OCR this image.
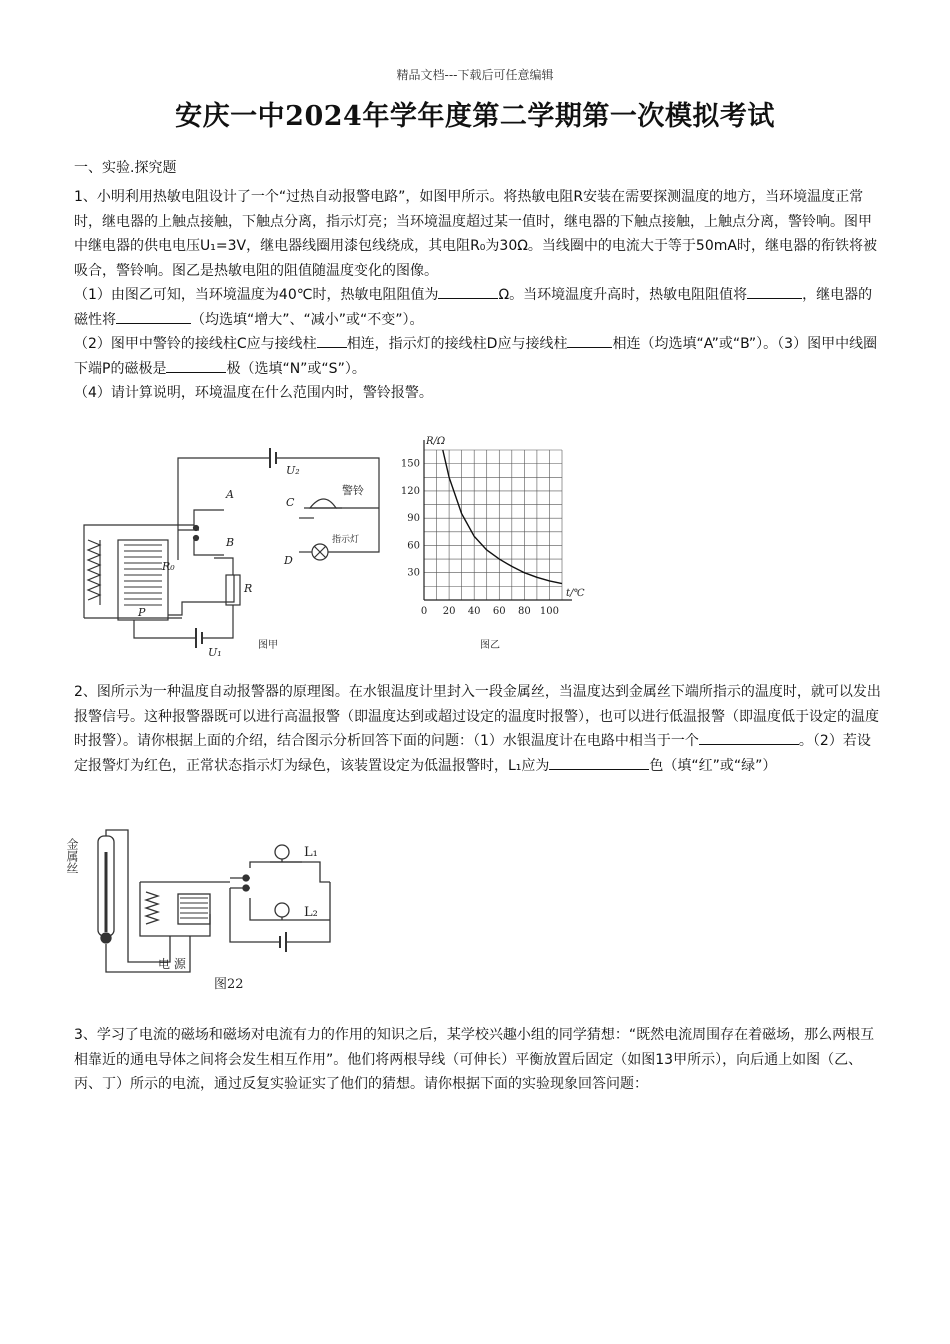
精品文档---下载后可任意编辑
安庆一中2024年学年度第二学期第一次模拟考试
一、实验.探究题

1、小明利用热敏电阻设计了一个“过热自动报警电路”，如图甲所示。将热敏电阻R安装在需要探测温度的地方，当环境温度正常时，继电器的上触点接触，下触点分离，指示灯亮；当环境温度超过某一值时，继电器的下触点接触，上触点分离，警铃响。图甲中继电器的供电电压U₁=3V，继电器线圈用漆包线绕成，其电阻R₀为30Ω。当线圈中的电流大于等于50mA时，继电器的衔铁将被吸合，警铃响。图乙是热敏电阻的阻值随温度变化的图像。

（1）由图乙可知，当环境温度为40℃时，热敏电阻阻值为	Ω。当环境温度升高时，热敏电阻阻值将	，继电器的磁性将	（均选填“增大”、“减小”或“不变”）。

（2）图甲中警铃的接线柱C应与接线柱 相连，指示灯的接线柱D应与接线柱	相连（均选填“A”或“B”）。（3）图甲中线圈下端P的磁极是	极（选填“N”或“S”）。

（4）请计算说明，环境温度在什么范围内时，警铃报警。

U₂
A
B
C
D
警铃
指示灯
R₀
R
P
U₁
图甲
0 20 40 60 80 100
30
60
90
120
150
R/Ω
t/℃
图乙

2、图所示为一种温度自动报警器的原理图。在水银温度计里封入一段金属丝，当温度达到金属丝下端所指示的温度时，就可以发出报警信号。这种报警器既可以进行高温报警（即温度达到或超过设定的温度时报警），也可以进行低温报警（即温度低于设定的温度时报警）。请你根据上面的介绍，结合图示分析回答下面的问题：（1）水银温度计在电路中相当于一个	。（2）若设定报警灯为红色，正常状态指示灯为绿色，该装置设定为低温报警时，L₁应为	色（填“红”或“绿”）

金属丝	L₁
L₂
电 源
图22

3、学习了电流的磁场和磁场对电流有力的作用的知识之后，某学校兴趣小组的同学猜想：“既然电流周围存在着磁场，那么两根互相靠近的通电导体之间将会发生相互作用”。他们将两根导线（可伸长）平衡放置后固定（如图13甲所示），向后通上如图（乙、丙、丁）所示的电流，通过反复实验证实了他们的猜想。请你根据下面的实验现象回答问题：
